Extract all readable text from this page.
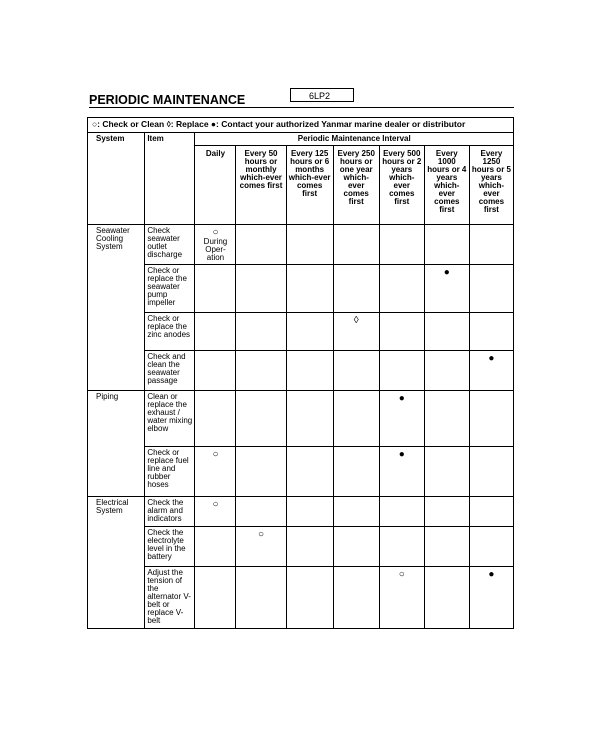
PERIODIC MAINTENANCE	6LP2
○: Check or Clean ◊: Replace ●: Contact your authorized Yanmar marine dealer or distributor								
System	Item	Periodic Maintenance Interval						
		Daily	Every 50 hours or monthly which-ever comes first	Every 125 hours or 6 months which-ever comes first	Every 250 hours or one year which-ever comes first	Every 500 hours or 2 years which-ever comes first	Every 1000 hours or 4 years which-ever comes first	Every 1250 hours or 5 years which-ever comes first
Seawater Cooling System	Check seawater outlet discharge	○
During Oper-ation						

	Check or replace the seawater pump impeller						●	

	Check or replace the zinc anodes				◊			

	Check and clean the seawater passage							●

Piping	Clean or replace the exhaust / water mixing elbow					●		

	Check or replace fuel line and rubber hoses	○				●		

Electrical System	Check the alarm and indicators	○						

	Check the electrolyte level in the battery		○					

	Adjust the tension of the alternator V-belt or replace V-belt					○		●
